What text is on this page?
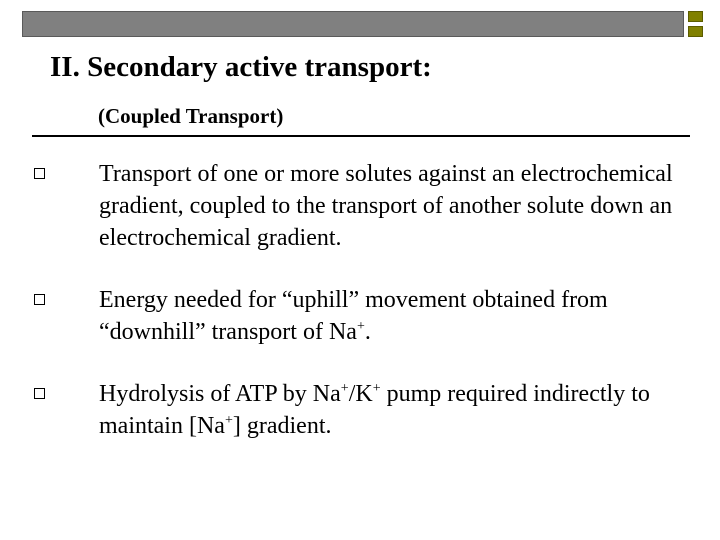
II. Secondary active transport:
(Coupled Transport)
Transport of one or more solutes against an electrochemical gradient, coupled to the transport of another solute down an electrochemical gradient.
Energy needed for “uphill” movement obtained from “downhill” transport of Na+.
Hydrolysis of ATP by Na+/K+ pump required indirectly to maintain [Na+] gradient.
